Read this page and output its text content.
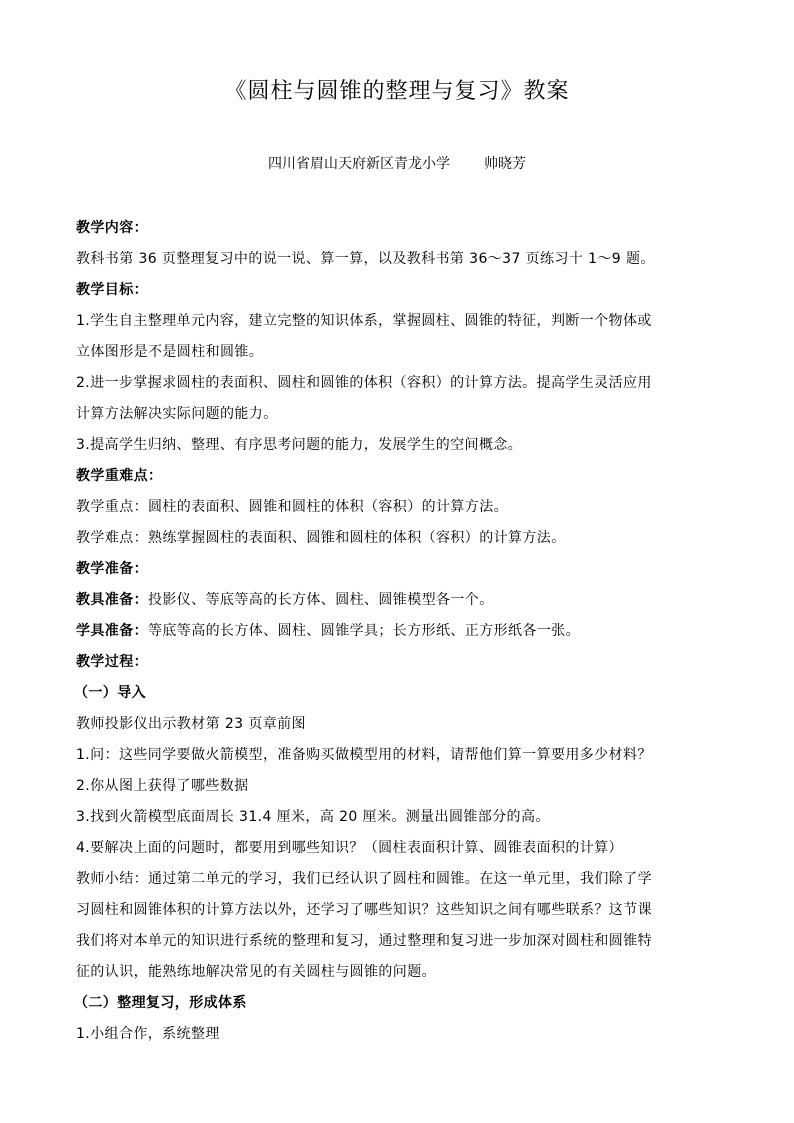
《圆柱与圆锥的整理与复习》教案
四川省眉山天府新区青龙小学 帅晓芳
教学内容：
教科书第 36 页整理复习中的说一说、算一算，以及教科书第 36～37 页练习十 1～9 题。
教学目标：
1.学生自主整理单元内容，建立完整的知识体系，掌握圆柱、圆锥的特征，判断一个物体或
立体图形是不是圆柱和圆锥。
2.进一步掌握求圆柱的表面积、圆柱和圆锥的体积（容积）的计算方法。提高学生灵活应用
计算方法解决实际问题的能力。
3.提高学生归纳、整理、有序思考问题的能力，发展学生的空间概念。
教学重难点：
教学重点：圆柱的表面积、圆锥和圆柱的体积（容积）的计算方法。
教学难点：熟练掌握圆柱的表面积、圆锥和圆柱的体积（容积）的计算方法。
教学准备：
教具准备：投影仪、等底等高的长方体、圆柱、圆锥模型各一个。
学具准备：等底等高的长方体、圆柱、圆锥学具；长方形纸、正方形纸各一张。
教学过程：
（一）导入
教师投影仪出示教材第 23 页章前图
1.问：这些同学要做火箭模型，准备购买做模型用的材料，请帮他们算一算要用多少材料？
2.你从图上获得了哪些数据
3.找到火箭模型底面周长 31.4 厘米，高 20 厘米。测量出圆锥部分的高。
4.要解决上面的问题时，都要用到哪些知识？（圆柱表面积计算、圆锥表面积的计算）
教师小结：通过第二单元的学习，我们已经认识了圆柱和圆锥。在这一单元里，我们除了学
习圆柱和圆锥体积的计算方法以外，还学习了哪些知识？这些知识之间有哪些联系？这节课
我们将对本单元的知识进行系统的整理和复习，通过整理和复习进一步加深对圆柱和圆锥特
征的认识，能熟练地解决常见的有关圆柱与圆锥的问题。
（二）整理复习，形成体系
1.小组合作，系统整理
